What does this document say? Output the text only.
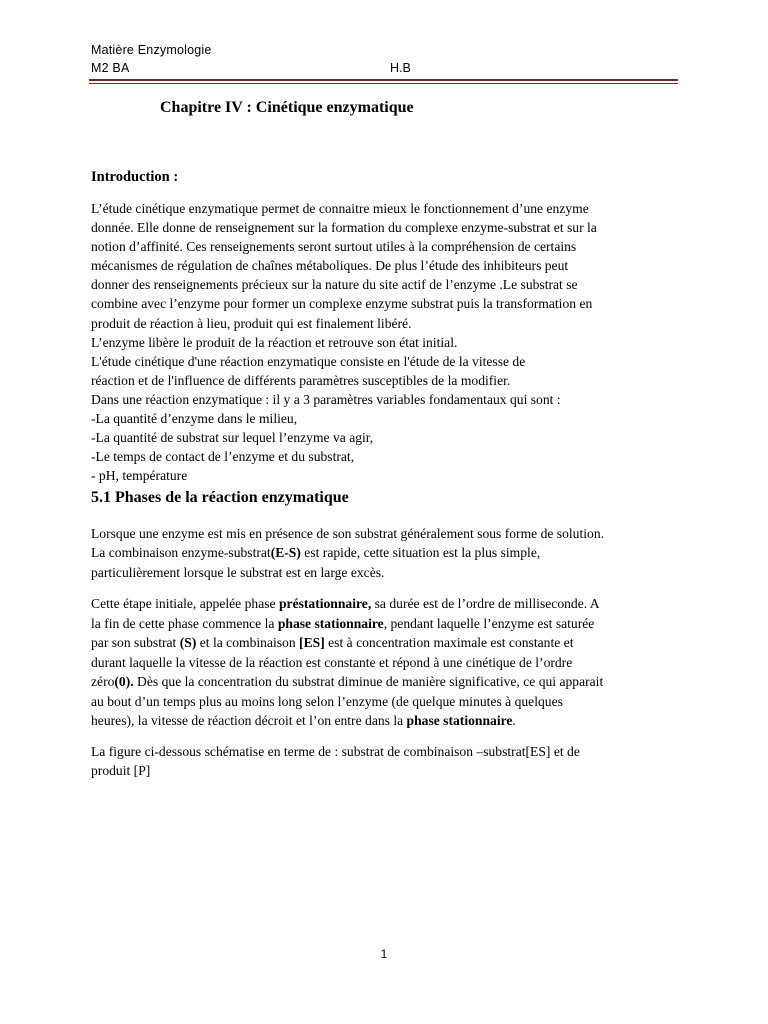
Matière Enzymologie
M2 BA	H.B
Chapitre IV : Cinétique enzymatique
Introduction :
L’étude cinétique enzymatique permet de connaitre mieux le fonctionnement d’une enzyme
donnée. Elle donne de renseignement sur la formation du complexe enzyme-substrat et sur la
notion d’affinité. Ces renseignements seront surtout utiles à la compréhension de certains
mécanismes de régulation de chaînes métaboliques. De plus l’étude des inhibiteurs peut
donner des renseignements précieux sur la nature du site actif de l’enzyme .Le substrat se
combine avec l’enzyme pour former un complexe enzyme substrat puis la transformation en
produit de réaction à lieu, produit qui est finalement libéré.
L’enzyme libère le produit de la réaction et retrouve son état initial.
L'étude cinétique d'une réaction enzymatique consiste en l'étude de la vitesse de
réaction et de l'influence de différents paramètres susceptibles de la modifier.
Dans une réaction enzymatique : il y a 3 paramètres variables fondamentaux qui sont :
-La quantité d’enzyme dans le milieu,
-La quantité de substrat sur lequel l’enzyme va agir,
-Le temps de contact de l’enzyme et du substrat,
- pH, température
5.1 Phases de la réaction enzymatique
Lorsque une enzyme est mis en présence de son substrat généralement sous forme de solution.
La combinaison enzyme-substrat(E-S) est rapide, cette situation est la plus simple,
particulièrement lorsque le substrat est en large excès.
Cette étape initiale, appelée phase préstationnaire, sa durée est de l’ordre de milliseconde. A
la fin de cette phase commence la phase stationnaire, pendant laquelle l’enzyme est saturée
par son substrat (S) et la combinaison [ES] est à concentration maximale est constante et
durant laquelle la vitesse de la réaction est constante et répond à une cinétique de l’ordre
zéro(0). Dès que la concentration du substrat diminue de manière significative, ce qui apparait
au bout d’un temps plus au moins long selon l’enzyme (de quelque minutes à quelques
heures), la vitesse de réaction décroit et l’on entre dans la phase stationnaire.
La figure ci-dessous schématise en terme de : substrat de combinaison –substrat[ES] et de
produit [P]
1
